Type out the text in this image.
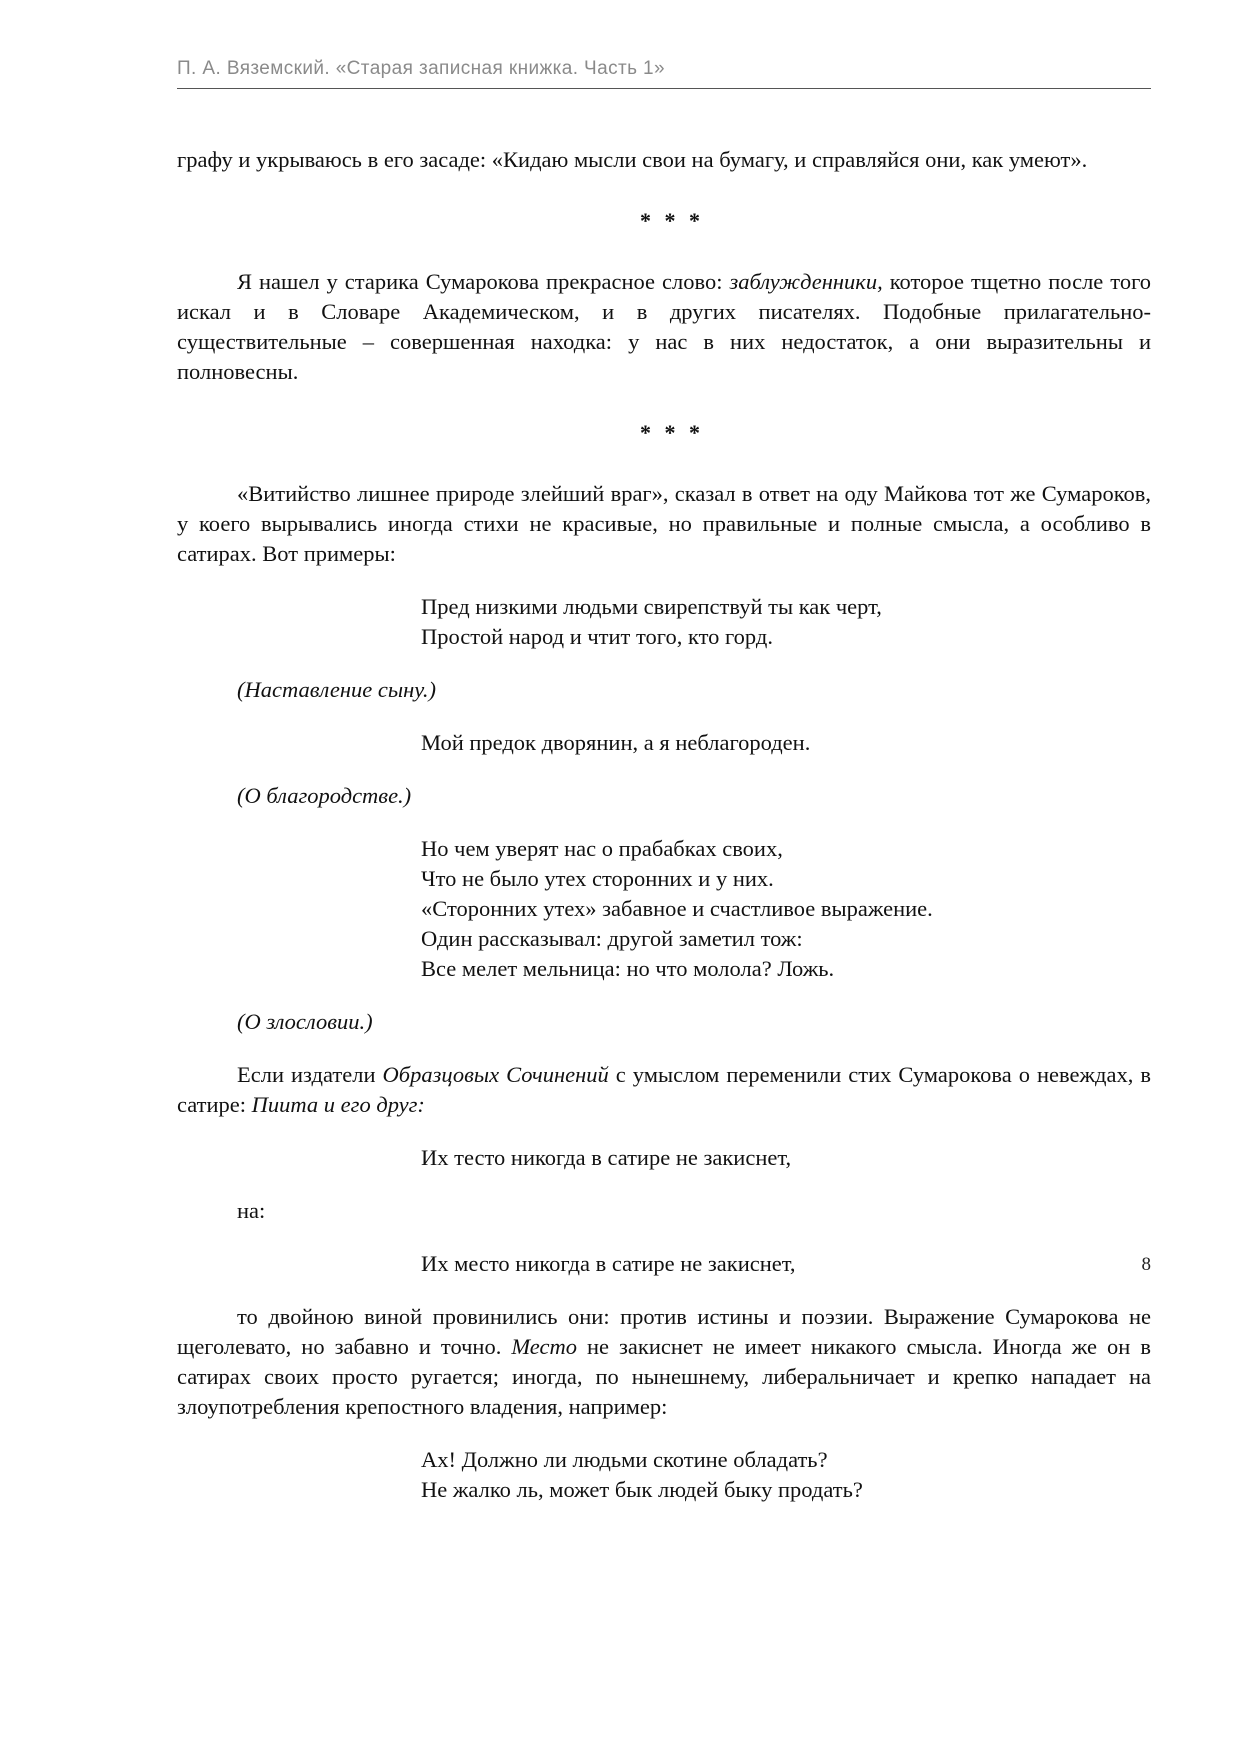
П. А. Вяземский. «Старая записная книжка. Часть 1»

графу и укрываюсь в его засаде: «Кидаю мысли свои на бумагу, и справляйся они, как умеют».

* * *

Я нашел у старика Сумарокова прекрасное слово: заблужденники, которое тщетно после того искал и в Словаре Академическом, и в других писателях. Подобные прилагательно-существительные – совершенная находка: у нас в них недостаток, а они выразительны и полновесны.

* * *

«Витийство лишнее природе злейший враг», сказал в ответ на оду Майкова тот же Сумароков, у коего вырывались иногда стихи не красивые, но правильные и полные смысла, а особливо в сатирах. Вот примеры:

Пред низкими людьми свирепствуй ты как черт,
Простой народ и чтит того, кто горд.

(Наставление сыну.)

Мой предок дворянин, а я неблагороден.

(О благородстве.)

Но чем уверят нас о прабабках своих,
Что не было утех сторонних и у них.
«Сторонних утех» забавное и счастливое выражение.
Один рассказывал: другой заметил тож:
Все мелет мельница: но что молола? Ложь.

(О злословии.)

Если издатели Образцовых Сочинений с умыслом переменили стих Сумарокова о невеждах, в сатире: Пиита и его друг:

Их тесто никогда в сатире не закиснет,

на:

Их место никогда в сатире не закиснет,

то двойною виной провинились они: против истины и поэзии. Выражение Сумарокова не щеголевато, но забавно и точно. Место не закиснет не имеет никакого смысла. Иногда же он в сатирах своих просто ругается; иногда, по нынешнему, либеральничает и крепко нападает на злоупотребления крепостного владения, например:

Ах! Должно ли людьми скотине обладать?
Не жалко ль, может бык людей быку продать?
8
